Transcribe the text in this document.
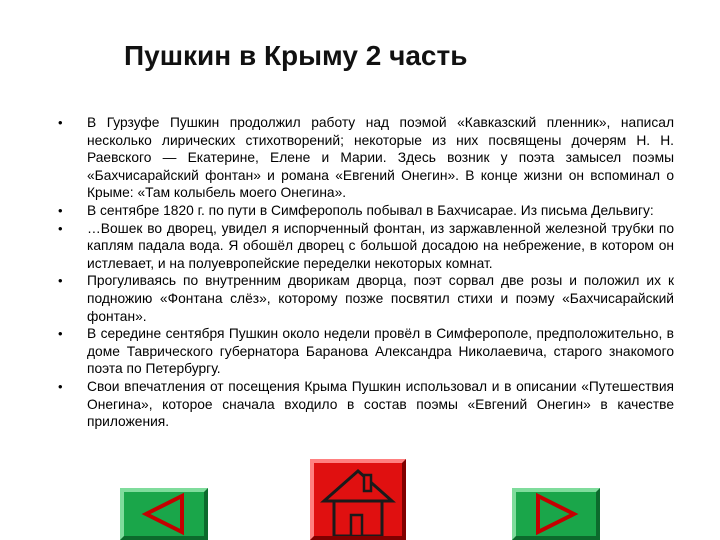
Пушкин в Крыму 2 часть
• В Гурзуфе Пушкин продолжил работу над поэмой «Кавказский пленник», написал несколько лирических стихотворений; некоторые из них посвящены дочерям Н. Н. Раевского — Екатерине, Елене и Марии. Здесь возник у поэта замысел поэмы «Бахчисарайский фонтан» и романа «Евгений Онегин». В конце жизни он вспоминал о Крыме: «Там колыбель моего Онегина».
• В сентябре 1820 г. по пути в Симферополь побывал в Бахчисарае. Из письма Дельвигу:
• …Вошек во дворец, увидел я испорченный фонтан, из заржавленной железной трубки по каплям падала вода. Я обошёл дворец с большой досадою на небрежение, в котором он истлевает, и на полуевропейские переделки некоторых комнат.
• Прогуливаясь по внутренним дворикам дворца, поэт сорвал две розы и положил их к подножию «Фонтана слёз», которому позже посвятил стихи и поэму «Бахчисарайский фонтан».
• В середине сентября Пушкин около недели провёл в Симферополе, предположительно, в доме Таврического губернатора Баранова Александра Николаевича, старого знакомого поэта по Петербургу.
• Свои впечатления от посещения Крыма Пушкин использовал и в описании «Путешествия Онегина», которое сначала входило в состав поэмы «Евгений Онегин» в качестве приложения.
